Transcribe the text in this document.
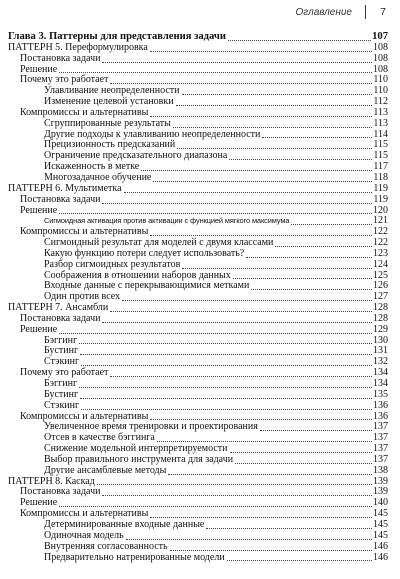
Оглавление	7
Глава 3. Паттерны для представления задачи	107
ПАТТЕРН 5. Переформулировка	108
Постановка задачи	108
Решение	108
Почему это работает	110
Улавливание неопределенности	110
Изменение целевой установки	112
Компромиссы и альтернативы	113
Сгруппированные результаты	113
Другие подходы к улавливанию неопределенности	114
Прецизионность предсказаний	115
Ограничение предсказательного диапазона	115
Искаженность в метке	117
Многозадачное обучение	118
ПАТТЕРН 6. Мультиметка	119
Постановка задачи	119
Решение	120
Сигмоидная активация против активации с функцией мягкого максимума	121
Компромиссы и альтернативы	122
Сигмоидный результат для моделей с двумя классами	122
Какую функцию потери следует использовать?	123
Разбор сигмоидных результатов	124
Соображения в отношении наборов данных	125
Входные данные с перекрывающимися метками	126
Один против всех	127
ПАТТЕРН 7. Ансамбли	128
Постановка задачи	128
Решение	129
Бэггинг	130
Бустинг	131
Стэкинг	132
Почему это работает	134
Бэггинг	134
Бустинг	135
Стэкинг	136
Компромиссы и альтернативы	136
Увеличенное время тренировки и проектирования	137
Отсев в качестве бэггинга	137
Снижение модельной интерпретируемости	137
Выбор правильного инструмента для задачи	137
Другие ансамблевые методы	138
ПАТТЕРН 8. Каскад	139
Постановка задачи	139
Решение	140
Компромиссы и альтернативы	145
Детерминированные входные данные	145
Одиночная модель	145
Внутренняя согласованность	146
Предварительно натренированные модели	146
